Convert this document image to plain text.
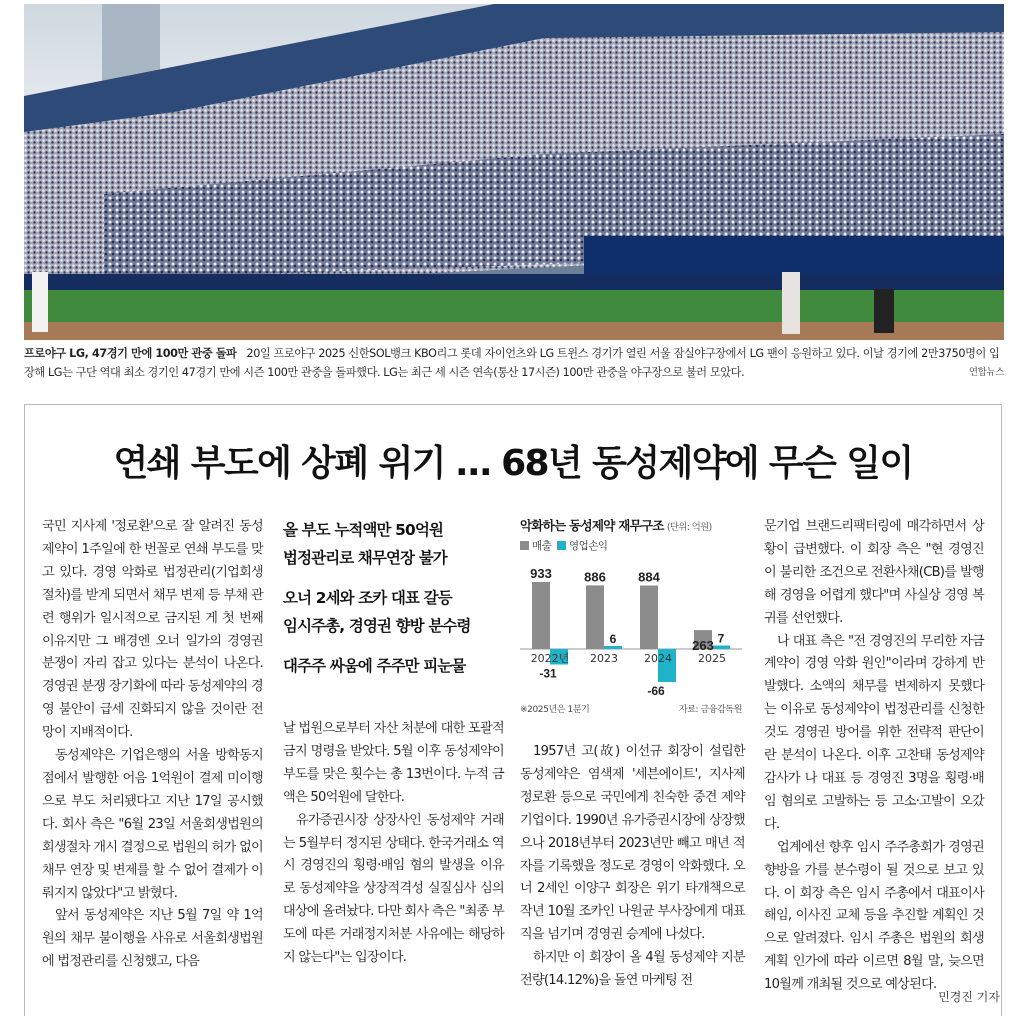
프로야구 LG, 47경기 만에 100만 관중 돌파 20일 프로야구 2025 신한SOL뱅크 KBO리그 롯데 자이언츠와 LG 트윈스 경기가 열린 서울 잠실야구장에서 LG 팬이 응원하고 있다. 이날 경기에 2만3750명이 입장해 LG는 구단 역대 최소 경기인 47경기 만에 시즌 100만 관중을 돌파했다. LG는 최근 세 시즌 연속(통산 17시즌) 100만 관중을 야구장으로 불러 모았다.	연합뉴스
연쇄 부도에 상폐 위기 … 68년 동성제약에 무슨 일이

국민 지사제 '정로환'으로 잘 알려진 동성제약이 1주일에 한 번꼴로 연쇄 부도를 맞고 있다. 경영 악화로 법정관리(기업회생절차)를 받게 되면서 채무 변제 등 부채 관련 행위가 일시적으로 금지된 게 첫 번째 이유지만 그 배경엔 오너 일가의 경영권 분쟁이 자리 잡고 있다는 분석이 나온다. 경영권 분쟁 장기화에 따라 동성제약의 경영 불안이 급세 진화되지 않을 것이란 전망이 지배적이다.

동성제약은 기업은행의 서울 방학동지점에서 발행한 어음 1억원이 결제 미이행으로 부도 처리됐다고 지난 17일 공시했다. 회사 측은 "6월 23일 서울회생법원의 회생절차 개시 결정으로 법원의 허가 없이 채무 연장 및 변제를 할 수 없어 결제가 이뤄지지 않았다"고 밝혔다.

앞서 동성제약은 지난 5월 7일 약 1억원의 채무 불이행을 사유로 서울회생법원에 법정관리를 신청했고, 다음

올 부도 누적액만 50억원
법정관리로 채무연장 불가
오너 2세와 조카 대표 갈등
임시주총, 경영권 향방 분수령
대주주 싸움에 주주만 피눈물

날 법원으로부터 자산 처분에 대한 포괄적 금지 명령을 받았다. 5월 이후 동성제약이 부도를 맞은 횟수는 총 13번이다. 누적 금액은 50억원에 달한다.

유가증권시장 상장사인 동성제약 거래는 5월부터 정지된 상태다. 한국거래소 역시 경영진의 횡령·배임 혐의 발생을 이유로 동성제약을 상장적격성 실질심사 심의대상에 올려놨다. 다만 회사 측은 "최종 부도에 따른 거래정지처분 사유에는 해당하지 않는다"는 입장이다.

악화하는 동성제약 재무구조 (단위: 억원)
매출 영업손익
933
-31
2022년
886
6
2023
884
-66
2024
263 7
2025
※2025년은 1분기	자료: 금융감독원

1957년 고(故) 이선규 회장이 설립한 동성제약은 염색제 '세븐에이트', 지사제 정로환 등으로 국민에게 친숙한 중견 제약기업이다. 1990년 유가증권시장에 상장했으나 2018년부터 2023년만 빼고 매년 적자를 기록했을 정도로 경영이 악화했다. 오너 2세인 이양구 회장은 위기 타개책으로 작년 10월 조카인 나원균 부사장에게 대표직을 넘기며 경영권 승계에 나섰다.

하지만 이 회장이 올 4월 동성제약 지분 전량(14.12%)을 돌연 마케팅 전

문기업 브랜드리팩터링에 매각하면서 상황이 급변했다. 이 회장 측은 "현 경영진이 불리한 조건으로 전환사채(CB)를 발행해 경영을 어렵게 했다"며 사실상 경영 복귀를 선언했다.

나 대표 측은 "전 경영진의 무리한 자금 계약이 경영 악화 원인"이라며 강하게 반발했다. 소액의 채무를 변제하지 못했다는 이유로 동성제약이 법정관리를 신청한 것도 경영권 방어를 위한 전략적 판단이란 분석이 나온다. 이후 고찬태 동성제약 감사가 나 대표 등 경영진 3명을 횡령·배임 혐의로 고발하는 등 고소·고발이 오갔다.

업계에선 향후 임시 주주총회가 경영권 향방을 가를 분수령이 될 것으로 보고 있다. 이 회장 측은 임시 주총에서 대표이사 해임, 이사진 교체 등을 추진할 계획인 것으로 알려졌다. 임시 주총은 법원의 회생계획 인가에 따라 이르면 8월 말, 늦으면 10월께 개최될 것으로 예상된다.

민경진 기자
